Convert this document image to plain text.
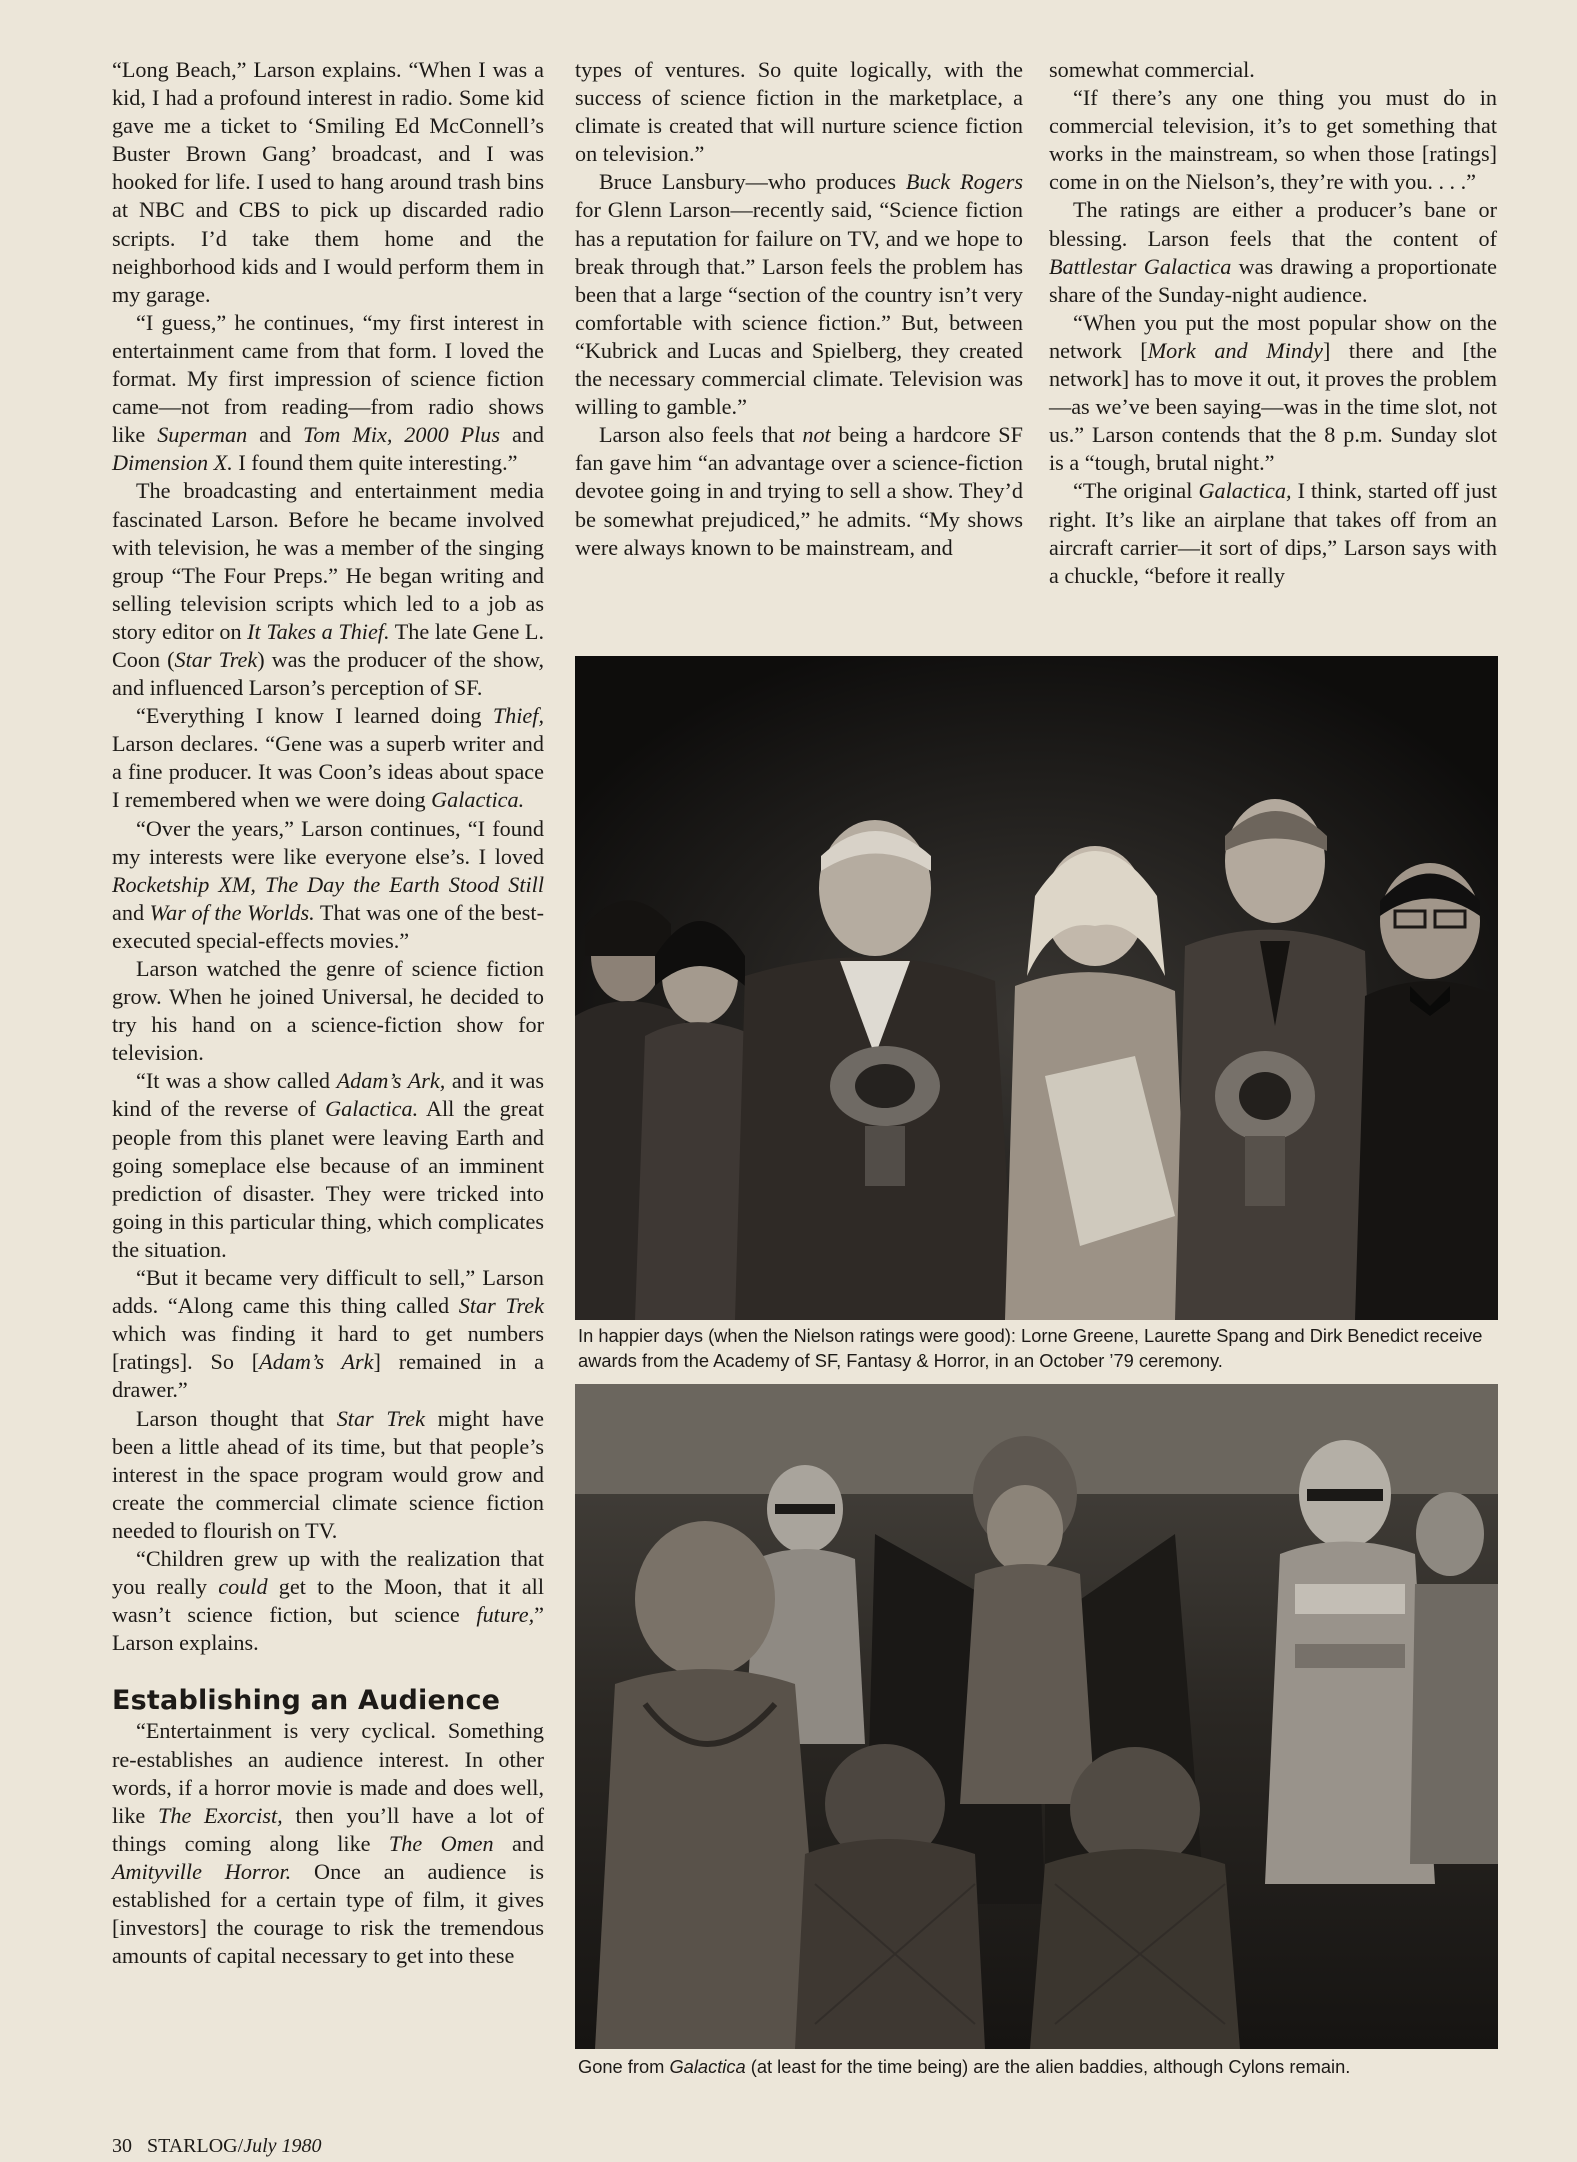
“Long Beach,” Larson explains. “When I was a kid, I had a profound interest in radio. Some kid gave me a ticket to ‘Smiling Ed McConnell’s Buster Brown Gang’ broadcast, and I was hooked for life. I used to hang around trash bins at NBC and CBS to pick up discarded radio scripts. I’d take them home and the neighborhood kids and I would perform them in my garage.

“I guess,” he continues, “my first interest in entertainment came from that form. I loved the format. My first impression of science fiction came—not from reading—from radio shows like Superman and Tom Mix, 2000 Plus and Dimension X. I found them quite interesting.”

The broadcasting and entertainment media fascinated Larson. Before he became involved with television, he was a member of the singing group “The Four Preps.” He began writing and selling television scripts which led to a job as story editor on It Takes a Thief. The late Gene L. Coon (Star Trek) was the producer of the show, and influenced Larson’s perception of SF.

“Everything I know I learned doing Thief, Larson declares. “Gene was a superb writer and a fine producer. It was Coon’s ideas about space I remembered when we were doing Galactica.

“Over the years,” Larson continues, “I found my interests were like everyone else’s. I loved Rocketship XM, The Day the Earth Stood Still and War of the Worlds. That was one of the best-executed special-effects movies.”

Larson watched the genre of science fiction grow. When he joined Universal, he decided to try his hand on a science-fiction show for television.

“It was a show called Adam’s Ark, and it was kind of the reverse of Galactica. All the great people from this planet were leaving Earth and going someplace else because of an imminent prediction of disaster. They were tricked into going in this particular thing, which complicates the situation.

“But it became very difficult to sell,” Larson adds. “Along came this thing called Star Trek which was finding it hard to get numbers [ratings]. So [Adam’s Ark] remained in a drawer.”

Larson thought that Star Trek might have been a little ahead of its time, but that people’s interest in the space program would grow and create the commercial climate science fiction needed to flourish on TV.

“Children grew up with the realization that you really could get to the Moon, that it all wasn’t science fiction, but science future,” Larson explains.

Establishing an Audience

“Entertainment is very cyclical. Something re-establishes an audience interest. In other words, if a horror movie is made and does well, like The Exorcist, then you’ll have a lot of things coming along like The Omen and Amityville Horror. Once an audience is established for a certain type of film, it gives [investors] the courage to risk the tremendous amounts of capital necessary to get into these

types of ventures. So quite logically, with the success of science fiction in the marketplace, a climate is created that will nurture science fiction on television.”

Bruce Lansbury—who produces Buck Rogers for Glenn Larson—recently said, “Science fiction has a reputation for failure on TV, and we hope to break through that.” Larson feels the problem has been that a large “section of the country isn’t very comfortable with science fiction.” But, between “Kubrick and Lucas and Spielberg, they created the necessary commercial climate. Television was willing to gamble.”

Larson also feels that not being a hardcore SF fan gave him “an advantage over a science-fiction devotee going in and trying to sell a show. They’d be somewhat prejudiced,” he admits. “My shows were always known to be mainstream, and

somewhat commercial.

“If there’s any one thing you must do in commercial television, it’s to get something that works in the mainstream, so when those [ratings] come in on the Nielson’s, they’re with you. . . .”

The ratings are either a producer’s bane or blessing. Larson feels that the content of Battlestar Galactica was drawing a proportionate share of the Sunday-night audience.

“When you put the most popular show on the network [Mork and Mindy] there and [the network] has to move it out, it proves the problem—as we’ve been saying—was in the time slot, not us.” Larson contends that the 8 p.m. Sunday slot is a “tough, brutal night.”

“The original Galactica, I think, started off just right. It’s like an airplane that takes off from an aircraft carrier—it sort of dips,” Larson says with a chuckle, “before it really

In happier days (when the Nielson ratings were good): Lorne Greene, Laurette Spang and Dirk Benedict receive awards from the Academy of SF, Fantasy & Horror, in an October ’79 ceremony.
Gone from Galactica (at least for the time being) are the alien baddies, although Cylons remain.
30 STARLOG/July 1980
